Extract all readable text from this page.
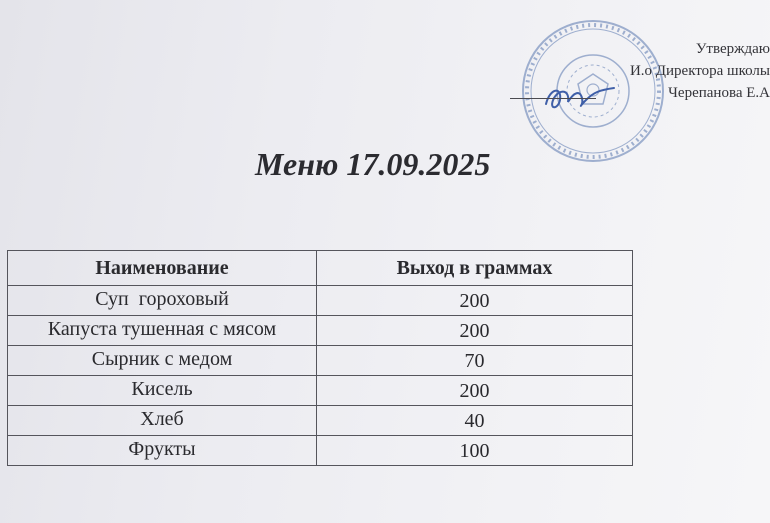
Утверждаю
И.о Директора школы
Черепанова Е.А
Меню 17.09.2025
Наименование	Выход в граммах
Суп  гороховый	200
Капуста тушенная с мясом	200
Сырник с медом	70
Кисель	200
Хлеб	40
Фрукты	100
